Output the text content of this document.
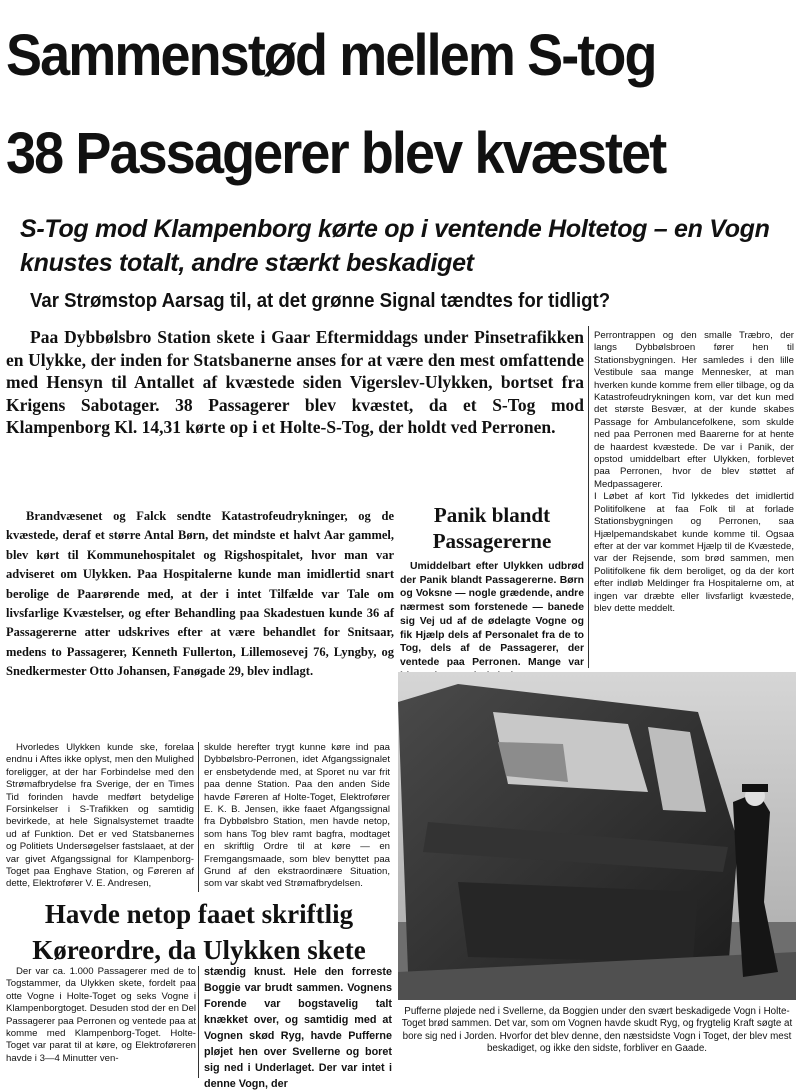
Sammenstød mellem S-tog
38 Passagerer blev kvæstet

S-Tog mod Klampenborg kørte op i ventende Holtetog – en Vogn knustes totalt, andre stærkt beskadiget

Var Strømstop Aarsag til, at det grønne Signal tændtes for tidligt?

Paa Dybbølsbro Station skete i Gaar Eftermiddags under Pinsetrafikken en Ulykke, der inden for Statsbanerne anses for at være den mest omfattende med Hensyn til Antallet af kvæstede siden Vigerslev-Ulykken, bortset fra Krigens Sabotager. 38 Passagerer blev kvæstet, da et S-Tog mod Klampenborg Kl. 14,31 kørte op i et Holte-S-Tog, der holdt ved Perronen.

Brandvæsenet og Falck sendte Katastrofeudrykninger, og de kvæstede, deraf et større Antal Børn, det mindste et halvt Aar gammel, blev kørt til Kommunehospitalet og Rigshospitalet, hvor man var adviseret om Ulykken. Paa Hospitalerne kunde man imidlertid snart berolige de Paarørende med, at der i intet Tilfælde var Tale om livsfarlige Kvæstelser, og efter Behandling paa Skadestuen kunde 36 af Passagererne atter udskrives efter at være behandlet for Snitsaar, medens to Passagerer, Kenneth Fullerton, Lillemosevej 76, Lyngby, og Snedkermester Otto Johansen, Fanøgade 29, blev indlagt.

Perrontrappen og den smalle Træbro, der langs Dybbølsbroen fører hen til Stationsbygningen. Her samledes i den lille Vestibule saa mange Mennesker, at man hverken kunde komme frem eller tilbage, og da Katastrofeudrykningen kom, var det kun med det største Besvær, at der kunde skabes Passage for Ambulancefolkene, som skulde ned paa Perronen med Baarerne for at hente de haardest kvæstede. De var i Panik, der opstod umiddelbart efter Ulykken, forblevet paa Perronen, hvor de blev støttet af Medpassagerer.
I Løbet af kort Tid lykkedes det imidlertid Politifolkene at faa Folk til at forlade Stationsbygningen og Perronen, saa Hjælpemandskabet kunde komme til. Ogsaa efter at der var kommet Hjælp til de Kvæstede, var der Rejsende, som brød sammen, men Politifolkene fik dem beroliget, og da der kort efter indløb Meldinger fra Hospitalerne om, at ingen var dræbte eller livsfarligt kvæstede, blev dette meddelt.

Panik blandt Passagererne

Umiddelbart efter Ulykken udbrød der Panik blandt Passagererne. Børn og Voksne — nogle grædende, andre nærmest som forstenede — banede sig Vej ud af de ødelagte Vogne og fik Hjælp dels af Personalet fra de to Tog, dels af de Passagerer, der ventede paa Perronen. Mange var

Hvorledes Ulykken kunde ske, forelaa endnu i Aftes ikke oplyst, men den Mulighed foreligger, at der har Forbindelse med den Strømafbrydelse fra Sverige, der en Times Tid forinden havde medført betydelige Forsinkelser i S-Trafikken og samtidig bevirkede, at hele Signalsystemet traadte ud af Funktion. Det er ved Statsbanernes og Politiets Undersøgelser fastslaaet, at der var givet Afgangssignal for Klampenborg-Toget paa Enghave Station, og Føreren af dette, Elektrofører V. E. Andresen,

skulde herefter trygt kunne køre ind paa Dybbølsbro-Perronen, idet Afgangssignalet er ensbetydende med, at Sporet nu var frit paa denne Station. Paa den anden Side havde Føreren af Holte-Toget, Elektrofører E. K. B. Jensen, ikke faaet Afgangssignal fra Dybbølsbro Station, men havde netop, som hans Tog blev ramt bagfra, modtaget en skriftlig Ordre til at køre — en Fremgangsmaade, som blev benyttet paa Grund af den ekstraordinære Situation, som var skabt ved Strømafbrydelsen.

Havde netop faaet skriftlig Køreordre, da Ulykken skete

Der var ca. 1.000 Passagerer med de to Togstammer, da Ulykken skete, fordelt paa otte Vogne i Holte-Toget og seks Vogne i Klampenborgtoget. Desuden stod der en Del Passagerer paa Perronen og ventede paa at komme med Klampenborg-Toget. Holte-Toget var parat til at køre, og Elektroføreren havde i 3—4 Minutter ven-

stændig knust. Hele den forreste Boggie var brudt sammen. Vognens Forende var bogstavelig talt knækket over, og samtidig med at Vognen skød Ryg, havde Pufferne pløjet hen over Svellerne og boret sig ned i Underlaget. Der var intet i denne Vogn, der

Pufferne pløjede ned i Svellerne, da Boggien under den svært beskadigede Vogn i Holte-Toget brød sammen. Det var, som om Vognen havde skudt Ryg, og frygtelig Kraft søgte at bore sig ned i Jorden. Hvorfor det blev denne, den næstsidste Vogn i Toget, der blev mest beskadiget, og ikke den sidste, forbliver en Gaade.
